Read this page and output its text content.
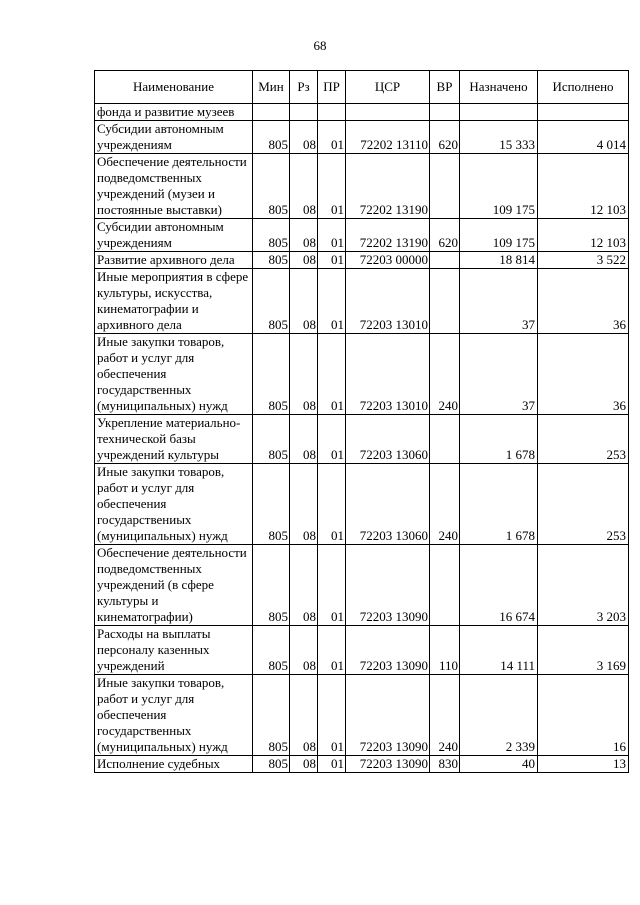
68
Наименование	Мин	Рз	ПР	ЦСР	ВР	Назначено	Исполнено
фонда и развитие музеев							
Субсидии автономным учреждениям	805	08	01	72202 13110	620	15 333	4 014
Обеспечение деятельности подведомственных учреждений (музеи и постоянные выставки)	805	08	01	72202 13190		109 175	12 103
Субсидии автономным учреждениям	805	08	01	72202 13190	620	109 175	12 103
Развитие архивного дела	805	08	01	72203 00000		18 814	3 522
Иные мероприятия в сфере культуры, искусства, кинематографии и архивного дела	805	08	01	72203 13010		37	36
Иные закупки товаров, работ и услуг для обеспечения государственных (муниципальных) нужд	805	08	01	72203 13010	240	37	36
Укрепление материально-технической базы учреждений культуры	805	08	01	72203 13060		1 678	253
Иные закупки товаров, работ и услуг для обеспечения государствениых (муниципальных) нужд	805	08	01	72203 13060	240	1 678	253
Обеспечение деятельности подведомственных учреждений (в сфере культуры и кинематографии)	805	08	01	72203 13090		16 674	3 203
Расходы на выплаты персоналу казенных учреждений	805	08	01	72203 13090	110	14 111	3 169
Иные закупки товаров, работ и услуг для обеспечения государственных (муниципальных) нужд	805	08	01	72203 13090	240	2 339	16
Исполнение судебных	805	08	01	72203 13090	830	40	13
